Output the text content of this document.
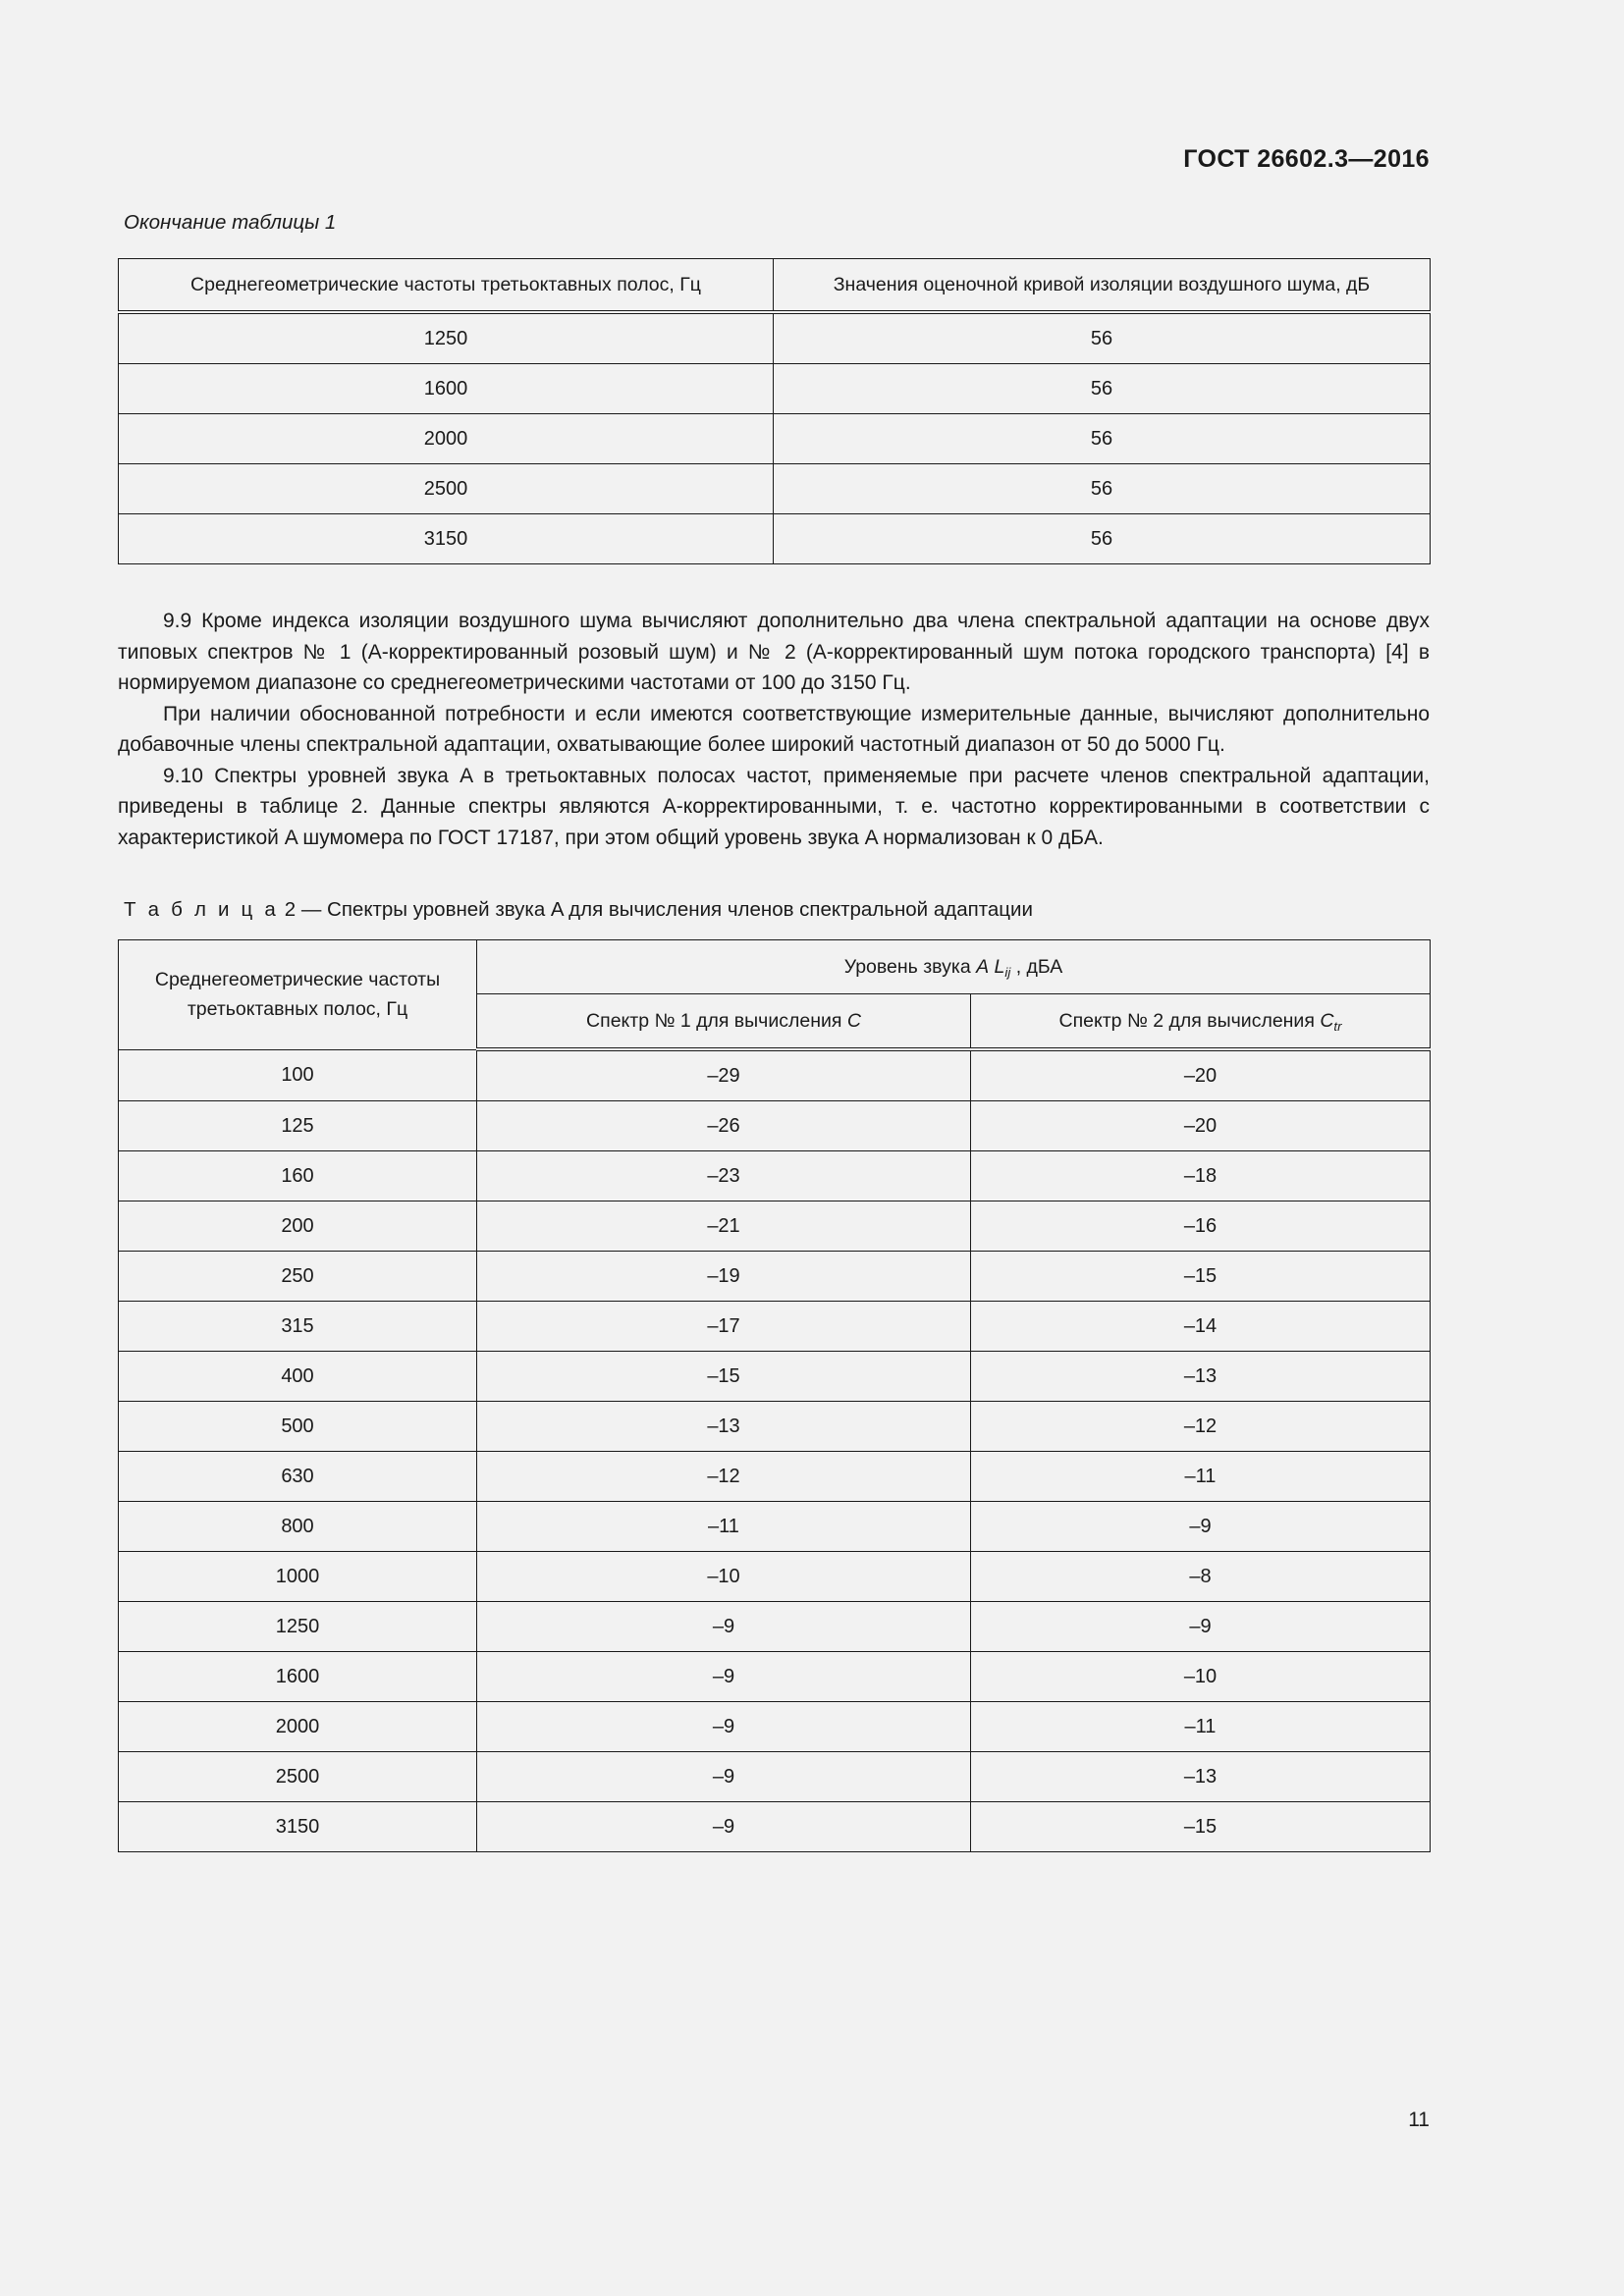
ГОСТ 26602.3—2016
Окончание таблицы 1
Среднегеометрические частоты третьоктавных полос, Гц	Значения оценочной кривой изоляции воздушного шума, дБ
1250	56
1600	56
2000	56
2500	56
3150	56

9.9 Кроме индекса изоляции воздушного шума вычисляют дополнительно два члена спектральной адаптации на основе двух типовых спектров № 1 (A-корректированный розовый шум) и № 2 (A-корректированный шум потока городского транспорта) [4] в нормируемом диапазоне со среднегеометрическими частотами от 100 до 3150 Гц.

При наличии обоснованной потребности и если имеются соответствующие измерительные данные, вычисляют дополнительно добавочные члены спектральной адаптации, охватывающие более широкий частотный диапазон от 50 до 5000 Гц.

9.10 Спектры уровней звука A в третьоктавных полосах частот, применяемые при расчете членов спектральной адаптации, приведены в таблице 2. Данные спектры являются A-корректированными, т. е. частотно корректированными в соответствии с характеристикой A шумомера по ГОСТ 17187, при этом общий уровень звука A нормализован к 0 дБA.

Т а б л и ц а 2 — Спектры уровней звука A для вычисления членов спектральной адаптации
Среднегеометрические частоты
третьоктавных полос, Гц	Уровень звука A $L_{ij}$ , дБА	
	Спектр № 1 для вычисления C	Спектр № 2 для вычисления $C_{tr}$
100	–29	–20
125	–26	–20
160	–23	–18
200	–21	–16
250	–19	–15
315	–17	–14
400	–15	–13
500	–13	–12
630	–12	–11
800	–11	–9
1000	–10	–8
1250	–9	–9
1600	–9	–10
2000	–9	–11
2500	–9	–13
3150	–9	–15
11
